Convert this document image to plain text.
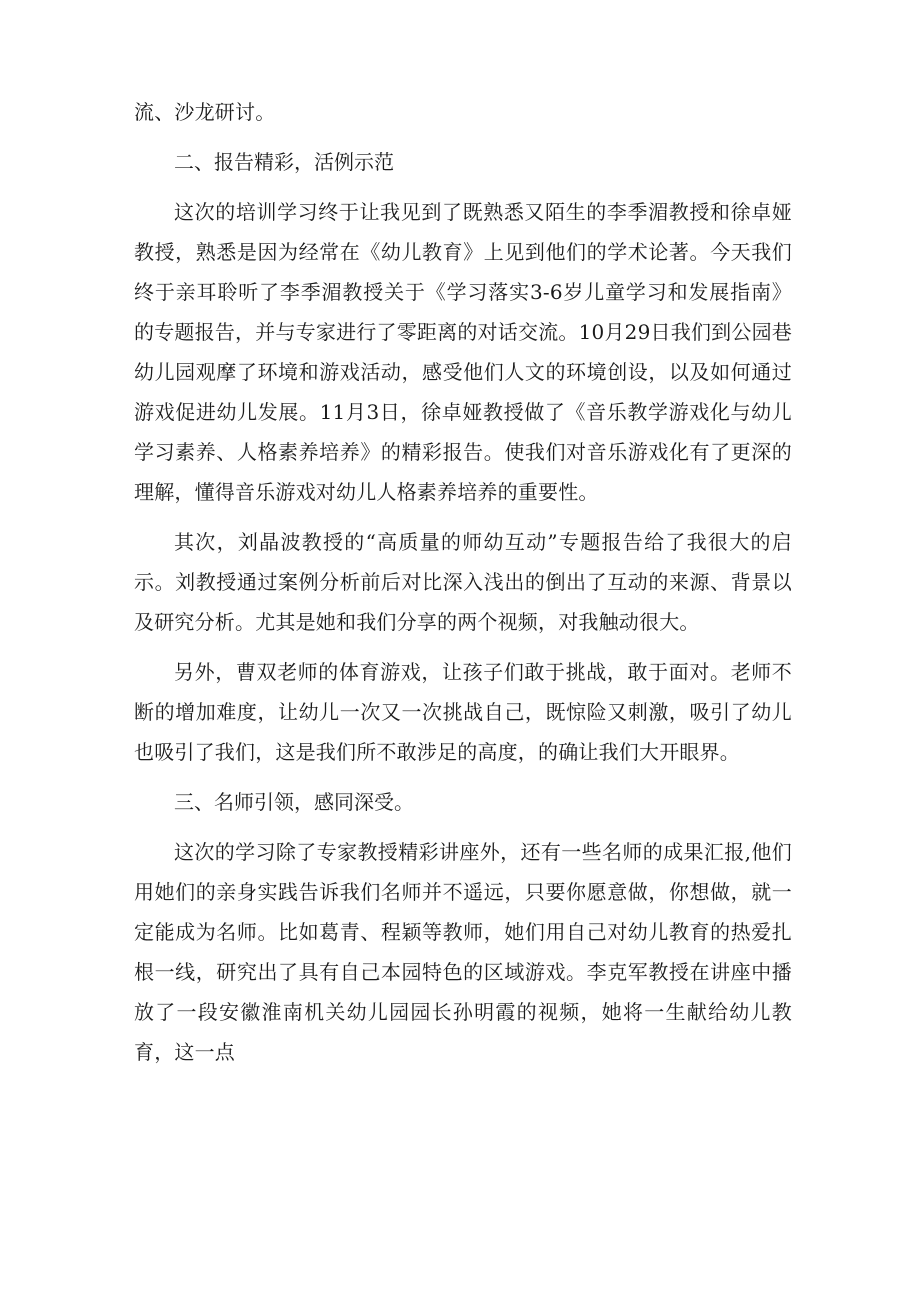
流、沙龙研讨。

二、报告精彩，活例示范

这次的培训学习终于让我见到了既熟悉又陌生的李季湄教授和徐卓娅教授，熟悉是因为经常在《幼儿教育》上见到他们的学术论著。今天我们终于亲耳聆听了李季湄教授关于《学习落实3-6岁儿童学习和发展指南》的专题报告，并与专家进行了零距离的对话交流。10月29日我们到公园巷幼儿园观摩了环境和游戏活动，感受他们人文的环境创设，以及如何通过游戏促进幼儿发展。11月3日，徐卓娅教授做了《音乐教学游戏化与幼儿学习素养、人格素养培养》的精彩报告。使我们对音乐游戏化有了更深的理解，懂得音乐游戏对幼儿人格素养培养的重要性。

其次，刘晶波教授的“高质量的师幼互动”专题报告给了我很大的启示。刘教授通过案例分析前后对比深入浅出的倒出了互动的来源、背景以及研究分析。尤其是她和我们分享的两个视频，对我触动很大。

另外，曹双老师的体育游戏，让孩子们敢于挑战，敢于面对。老师不断的增加难度，让幼儿一次又一次挑战自己，既惊险又刺激，吸引了幼儿也吸引了我们，这是我们所不敢涉足的高度，的确让我们大开眼界。

三、名师引领，感同深受。

这次的学习除了专家教授精彩讲座外，还有一些名师的成果汇报,他们用她们的亲身实践告诉我们名师并不遥远，只要你愿意做，你想做，就一定能成为名师。比如葛青、程颖等教师，她们用自己对幼儿教育的热爱扎根一线，研究出了具有自己本园特色的区域游戏。李克军教授在讲座中播放了一段安徽淮南机关幼儿园园长孙明霞的视频，她将一生献给幼儿教育，这一点
